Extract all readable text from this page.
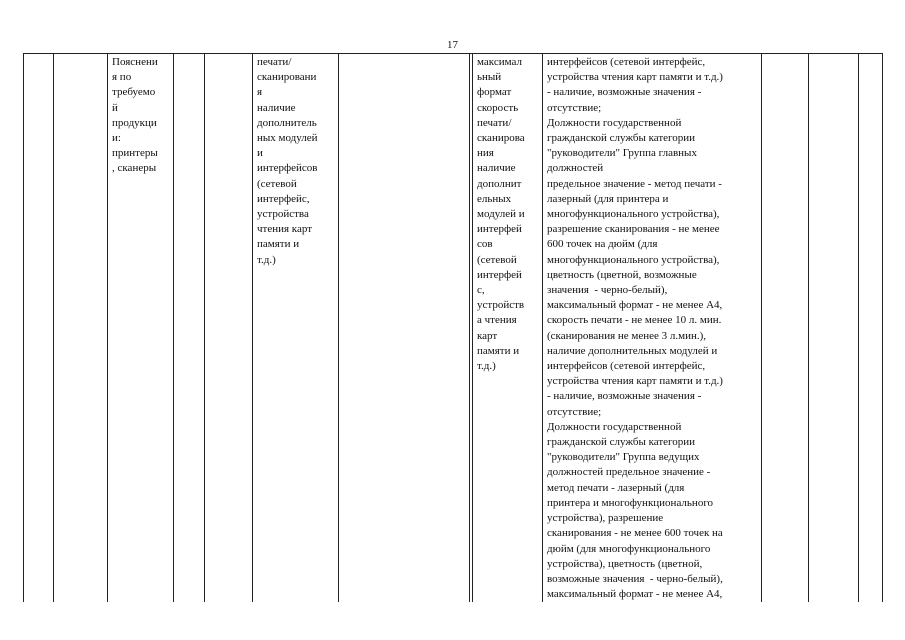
17
		Пояснени
я по
требуемо
й
продукци
и:
принтеры
, сканеры			печати/
сканировани
я
наличие
дополнитель
ных модулей
и
интерфейсов
(сетевой
интерфейс,
устройства
чтения карт
памяти и
т.д.)			максимал
ьный
формат
скорость
печати/
сканирова
ния
наличие
дополнит
ельных
модулей и
интерфей
сов
(сетевой
интерфей
с,
устройств
а чтения
карт
памяти и
т.д.)	интерфейсов (сетевой интерфейс,
устройства чтения карт памяти и т.д.)
- наличие, возможные значения -
отсутствие;
Должности государственной
гражданской службы категории
"руководители" Группа главных
должностей
предельное значение - метод печати -
лазерный (для принтера и
многофункционального устройства),
разрешение сканирования - не менее
600 точек на дюйм (для
многофункционального устройства),
цветность (цветной, возможные
значения  - черно-белый),
максимальный формат - не менее А4,
скорость печати - не менее 10 л. мин.
(сканирования не менее 3 л.мин.),
наличие дополнительных модулей и
интерфейсов (сетевой интерфейс,
устройства чтения карт памяти и т.д.)
- наличие, возможные значения -
отсутствие;
Должности государственной
гражданской службы категории
"руководители" Группа ведущих
должностей предельное значение -
метод печати - лазерный (для
принтера и многофункционального
устройства), разрешение
сканирования - не менее 600 точек на
дюйм (для многофункционального
устройства), цветность (цветной,
возможные значения  - черно-белый),
максимальный формат - не менее А4,			
